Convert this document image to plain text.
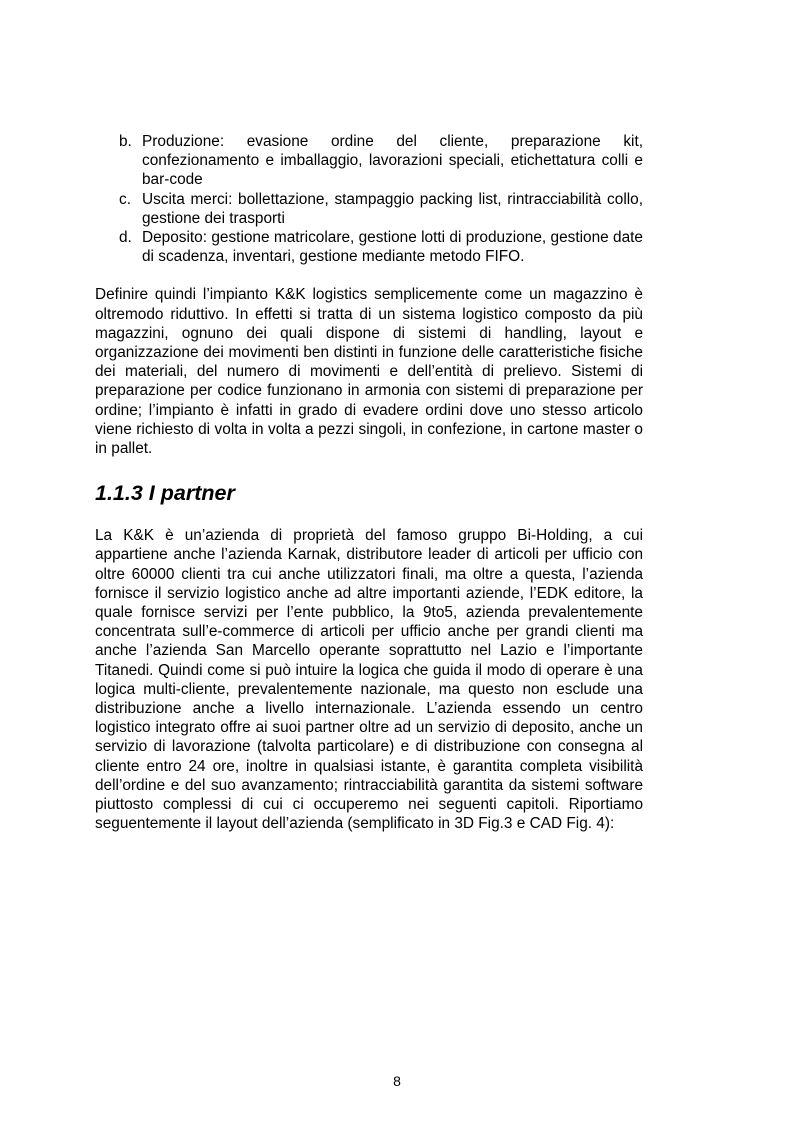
b. Produzione: evasione ordine del cliente, preparazione kit, confezionamento e imballaggio, lavorazioni speciali, etichettatura colli e bar-code
c. Uscita merci: bollettazione, stampaggio packing list, rintracciabilità collo, gestione dei trasporti
d. Deposito: gestione matricolare, gestione lotti di produzione, gestione date di scadenza, inventari, gestione mediante metodo FIFO.

Definire quindi l’impianto K&K logistics semplicemente come un magazzino è oltremodo riduttivo. In effetti si tratta di un sistema logistico composto da più magazzini, ognuno dei quali dispone di sistemi di handling, layout e organizzazione dei movimenti ben distinti in funzione delle caratteristiche fisiche dei materiali, del numero di movimenti e dell’entità di prelievo. Sistemi di preparazione per codice funzionano in armonia con sistemi di preparazione per ordine; l’impianto è infatti in grado di evadere ordini dove uno stesso articolo viene richiesto di volta in volta a pezzi singoli, in confezione, in cartone master o in pallet.

1.1.3 I partner

La K&K è un’azienda di proprietà del famoso gruppo Bi-Holding, a cui appartiene anche l’azienda Karnak, distributore leader di articoli per ufficio con oltre 60000 clienti tra cui anche utilizzatori finali, ma oltre a questa, l’azienda fornisce il servizio logistico anche ad altre importanti aziende, l’EDK editore, la quale fornisce servizi per l’ente pubblico, la 9to5, azienda prevalentemente concentrata sull’e-commerce di articoli per ufficio anche per grandi clienti ma anche l’azienda San Marcello operante soprattutto nel Lazio e l’importante Titanedi. Quindi come si può intuire la logica che guida il modo di operare è una logica multi-cliente, prevalentemente nazionale, ma questo non esclude una distribuzione anche a livello internazionale. L’azienda essendo un centro logistico integrato offre ai suoi partner oltre ad un servizio di deposito, anche un servizio di lavorazione (talvolta particolare) e di distribuzione con consegna al cliente entro 24 ore, inoltre in qualsiasi istante, è garantita completa visibilità dell’ordine e del suo avanzamento; rintracciabilità garantita da sistemi software piuttosto complessi di cui ci occuperemo nei seguenti capitoli. Riportiamo seguentemente il layout dell’azienda (semplificato in 3D Fig.3 e CAD Fig. 4):

8
